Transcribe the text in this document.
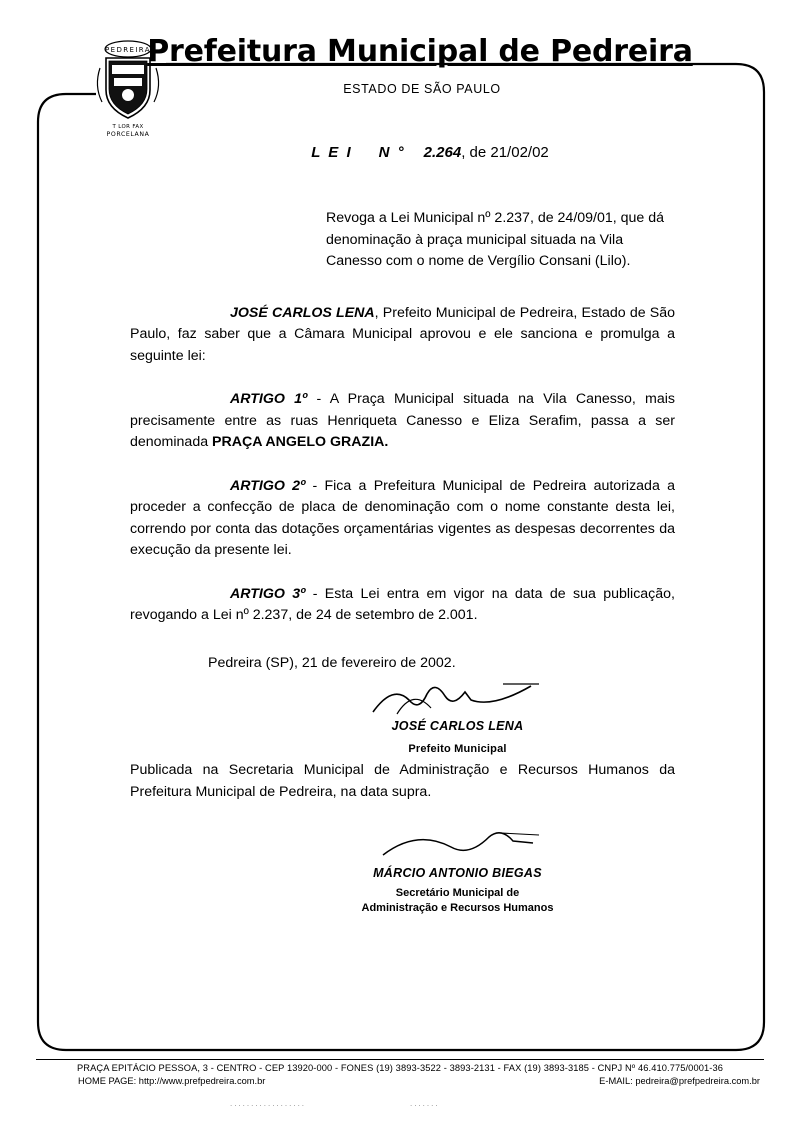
PEDREIRA
T LOR FAX
PORCELANA
Prefeitura Municipal de Pedreira
ESTADO DE SÃO PAULO
L E I N ° 2.264, de 21/02/02
Revoga a Lei Municipal nº 2.237, de 24/09/01, que dá denominação à praça municipal situada na Vila Canesso com o nome de Vergílio Consani (Lilo).

JOSÉ CARLOS LENA, Prefeito Municipal de Pedreira, Estado de São Paulo, faz saber que a Câmara Municipal aprovou e ele sanciona e promulga a seguinte lei:

ARTIGO 1º - A Praça Municipal situada na Vila Canesso, mais precisamente entre as ruas Henriqueta Canesso e Eliza Serafim, passa a ser denominada PRAÇA ANGELO GRAZIA.

ARTIGO 2º - Fica a Prefeitura Municipal de Pedreira autorizada a proceder a confecção de placa de denominação com o nome constante desta lei, correndo por conta das dotações orçamentárias vigentes as despesas decorrentes da execução da presente lei.

ARTIGO 3º - Esta Lei entra em vigor na data de sua publicação, revogando a Lei nº 2.237, de 24 de setembro de 2.001.

Pedreira (SP), 21 de fevereiro de 2002.
JOSÉ CARLOS LENA
Prefeito Municipal

Publicada na Secretaria Municipal de Administração e Recursos Humanos da Prefeitura Municipal de Pedreira, na data supra.

MÁRCIO ANTONIO BIEGAS
Secretário Municipal de
Administração e Recursos Humanos
PRAÇA EPITÁCIO PESSOA, 3 - CENTRO - CEP 13920-000 - FONES (19) 3893-3522 - 3893-2131 - FAX (19) 3893-3185 - CNPJ Nº 46.410.775/0001-36
HOME PAGE: http://www.prefpedreira.com.br	E-MAIL: pedreira@prefpedreira.com.br
..................	.......
